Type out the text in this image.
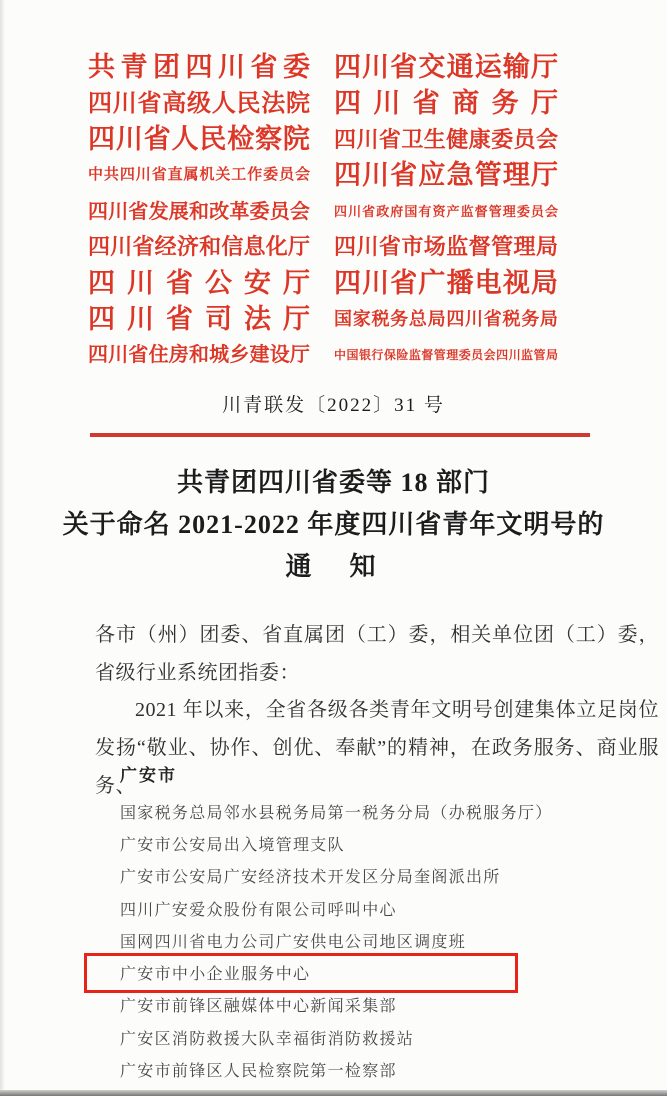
共 青 团 四 川 省 委
四 川 省 高 级 人 民 法 院
四 川 省 人 民 检 察 院
中 共 四 川 省 直 属 机 关 工 作 委 员 会
四 川 省 发 展 和 改 革 委 员 会
四 川 省 经 济 和 信 息 化 厅
四 川 省 公 安 厅
四 川 省 司 法 厅
四 川 省 住 房 和 城 乡 建 设 厅
四 川 省 交 通 运 输 厅
四 川 省 商 务 厅
四 川 省 卫 生 健 康 委 员 会
四 川 省 应 急 管 理 厅
四 川 省 政 府 国 有 资 产 监 督 管 理 委 员 会
四 川 省 市 场 监 督 管 理 局
四 川 省 广 播 电 视 局
国 家 税 务 总 局 四 川 省 税 务 局
中 国 银 行 保 险 监 督 管 理 委 员 会 四 川 监 管 局
川青联发〔2022〕31 号
共青团四川省委等 18 部门
关于命名 2021-2022 年度四川省青年文明号的
通　知

各市（州）团委、省直属团（工）委，相关单位团（工）委，省级行业系统团指委：

2021 年以来，全省各级各类青年文明号创建集体立足岗位发扬“敬业、协作、创优、奉献”的精神，在政务服务、商业服务、

广安市
国家税务总局邻水县税务局第一税务分局（办税服务厅）
广安市公安局出入境管理支队
广安市公安局广安经济技术开发区分局奎阁派出所
四川广安爱众股份有限公司呼叫中心
国网四川省电力公司广安供电公司地区调度班
广安市中小企业服务中心
广安市前锋区融媒体中心新闻采集部
广安区消防救援大队幸福街消防救援站
广安市前锋区人民检察院第一检察部
